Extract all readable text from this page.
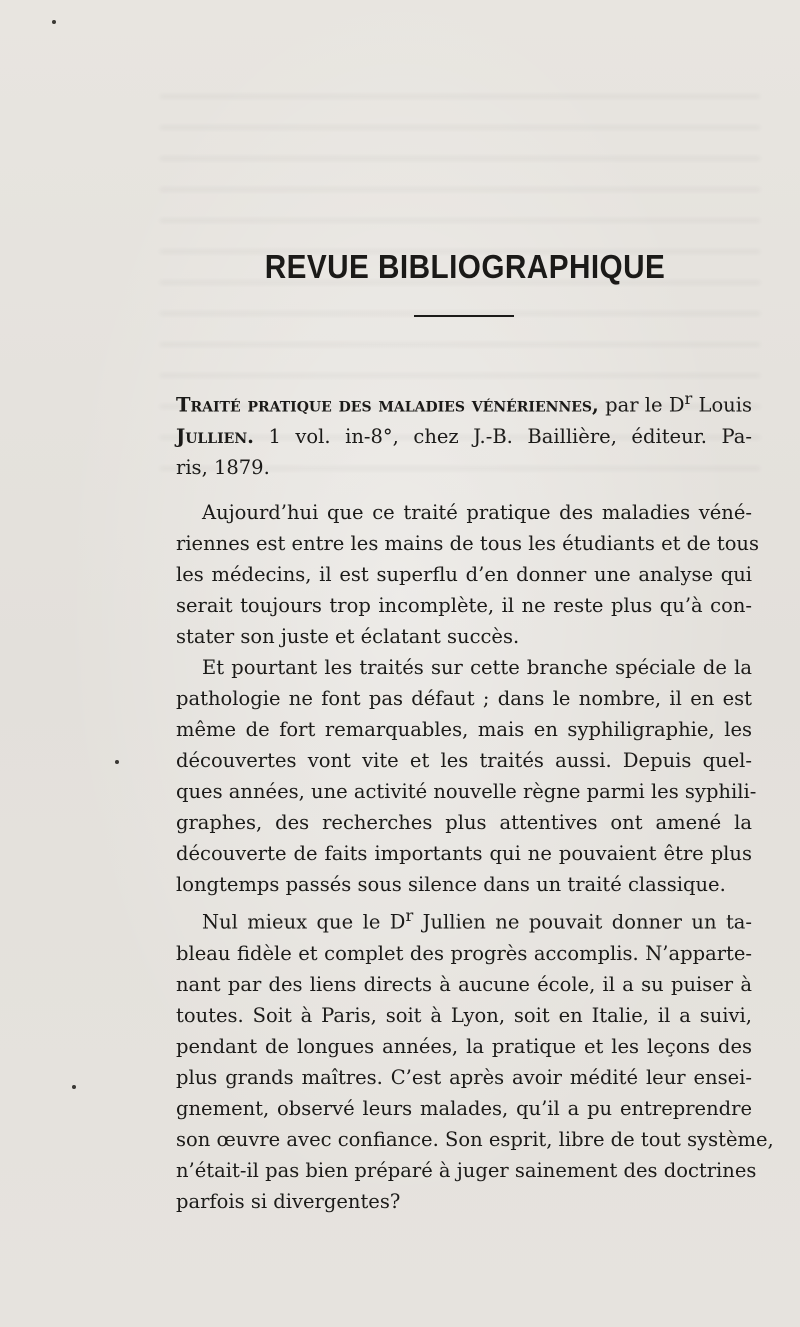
REVUE BIBLIOGRAPHIQUE
Traité pratique des maladies vénériennes, par le $D^r$ Louis
Jullien. 1 vol. in-8°, chez J.-B. Baillière, éditeur. Pa-
ris, 1879.
Aujourd’hui que ce traité pratique des maladies véné-
riennes est entre les mains de tous les étudiants et de tous
les médecins, il est superflu d’en donner une analyse qui
serait toujours trop incomplète, il ne reste plus qu’à con-
stater son juste et éclatant succès.
Et pourtant les traités sur cette branche spéciale de la
pathologie ne font pas défaut ; dans le nombre, il en est
même de fort remarquables, mais en syphiligraphie, les
découvertes vont vite et les traités aussi. Depuis quel-
ques années, une activité nouvelle règne parmi les syphili-
graphes, des recherches plus attentives ont amené la
découverte de faits importants qui ne pouvaient être plus
longtemps passés sous silence dans un traité classique.
Nul mieux que le $D^r$ Jullien ne pouvait donner un ta-
bleau fidèle et complet des progrès accomplis. N’apparte-
nant par des liens directs à aucune école, il a su puiser à
toutes. Soit à Paris, soit à Lyon, soit en Italie, il a suivi,
pendant de longues années, la pratique et les leçons des
plus grands maîtres. C’est après avoir médité leur ensei-
gnement, observé leurs malades, qu’il a pu entreprendre
son œuvre avec confiance. Son esprit, libre de tout système,
n’était-il pas bien préparé à juger sainement des doctrines
parfois si divergentes?
